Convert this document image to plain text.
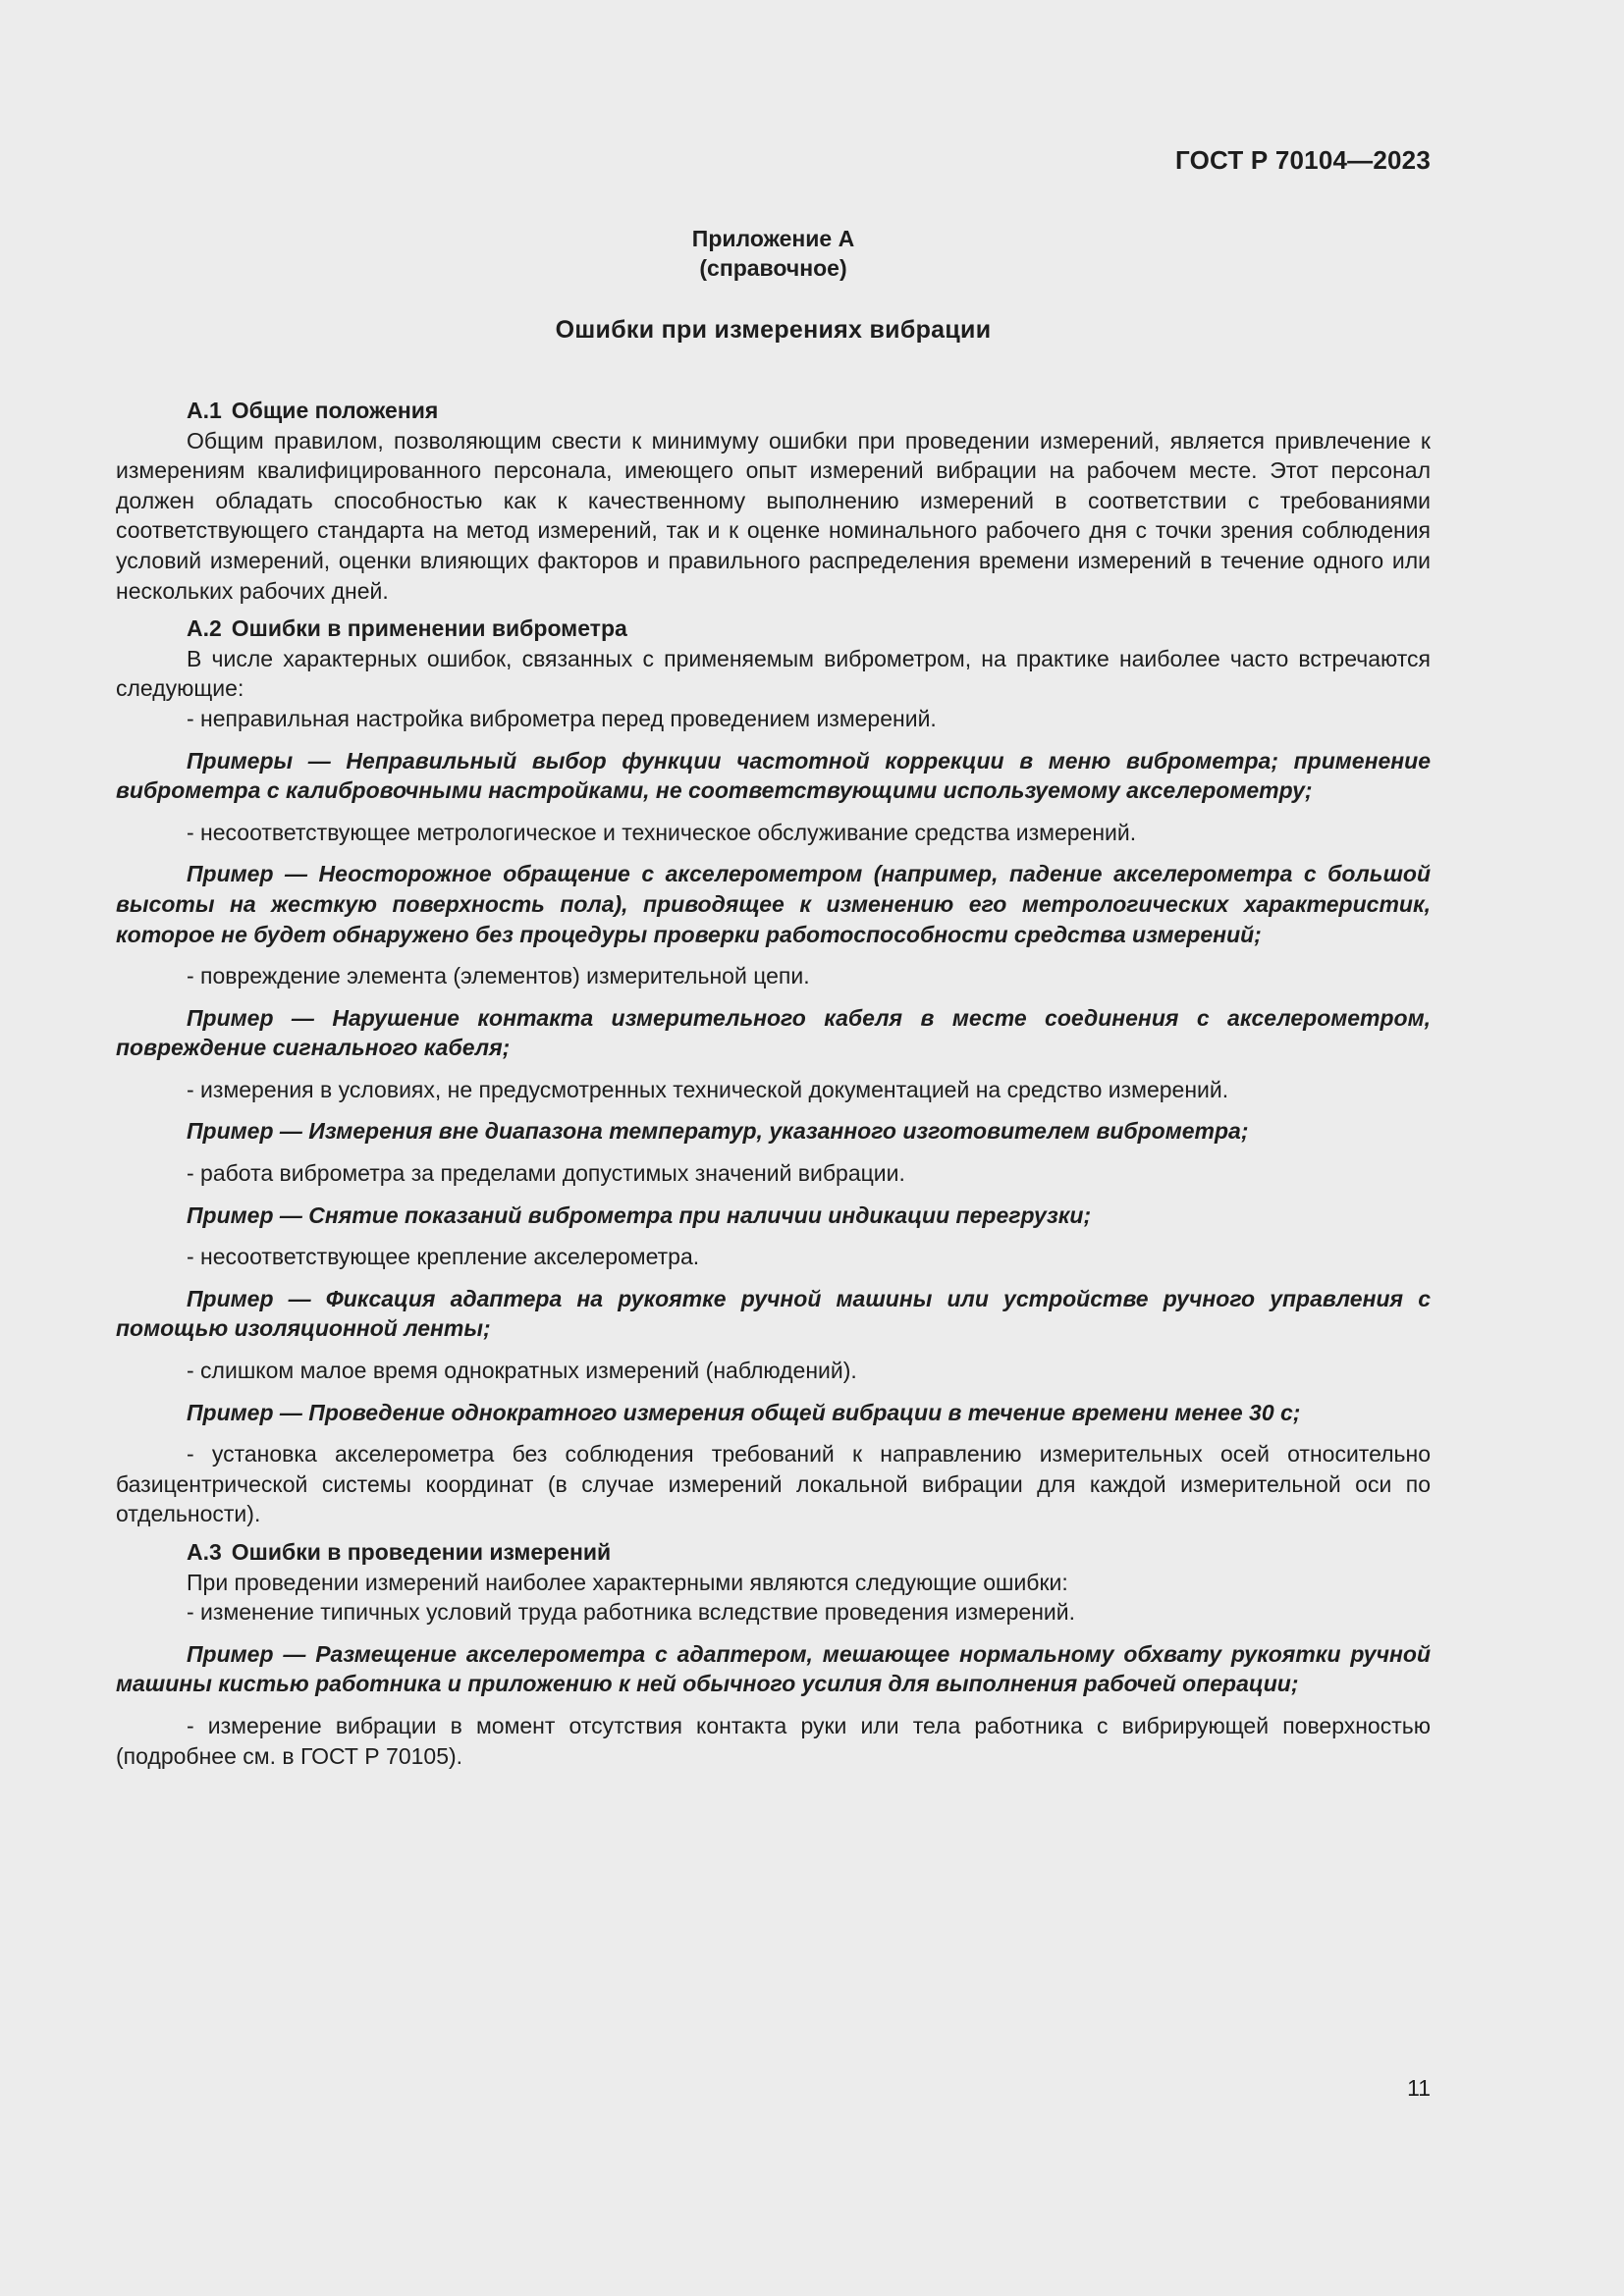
ГОСТ Р 70104—2023
Приложение А
(справочное)
Ошибки при измерениях вибрации

А.1 Общие положения

Общим правилом, позволяющим свести к минимуму ошибки при проведении измерений, является привлечение к измерениям квалифицированного персонала, имеющего опыт измерений вибрации на рабочем месте. Этот персонал должен обладать способностью как к качественному выполнению измерений в соответствии с требованиями соответствующего стандарта на метод измерений, так и к оценке номинального рабочего дня с точки зрения соблюдения условий измерений, оценки влияющих факторов и правильного распределения времени измерений в течение одного или нескольких рабочих дней.

А.2 Ошибки в применении виброметра

В числе характерных ошибок, связанных с применяемым виброметром, на практике наиболее часто встречаются следующие:

- неправильная настройка виброметра перед проведением измерений.

Примеры — Неправильный выбор функции частотной коррекции в меню виброметра; применение виброметра с калибровочными настройками, не соответствующими используемому акселерометру;

- несоответствующее метрологическое и техническое обслуживание средства измерений.

Пример — Неосторожное обращение с акселерометром (например, падение акселерометра с большой высоты на жесткую поверхность пола), приводящее к изменению его метрологических характеристик, которое не будет обнаружено без процедуры проверки работоспособности средства измерений;

- повреждение элемента (элементов) измерительной цепи.

Пример — Нарушение контакта измерительного кабеля в месте соединения с акселерометром, повреждение сигнального кабеля;

- измерения в условиях, не предусмотренных технической документацией на средство измерений.

Пример — Измерения вне диапазона температур, указанного изготовителем виброметра;

- работа виброметра за пределами допустимых значений вибрации.

Пример — Снятие показаний виброметра при наличии индикации перегрузки;

- несоответствующее крепление акселерометра.

Пример — Фиксация адаптера на рукоятке ручной машины или устройстве ручного управления с помощью изоляционной ленты;

- слишком малое время однократных измерений (наблюдений).

Пример — Проведение однократного измерения общей вибрации в течение времени менее 30 с;

- установка акселерометра без соблюдения требований к направлению измерительных осей относительно базицентрической системы координат (в случае измерений локальной вибрации для каждой измерительной оси по отдельности).

А.3 Ошибки в проведении измерений

При проведении измерений наиболее характерными являются следующие ошибки:

- изменение типичных условий труда работника вследствие проведения измерений.

Пример — Размещение акселерометра с адаптером, мешающее нормальному обхвату рукоятки ручной машины кистью работника и приложению к ней обычного усилия для выполнения рабочей операции;

- измерение вибрации в момент отсутствия контакта руки или тела работника с вибрирующей поверхностью (подробнее см. в ГОСТ Р 70105).

11
